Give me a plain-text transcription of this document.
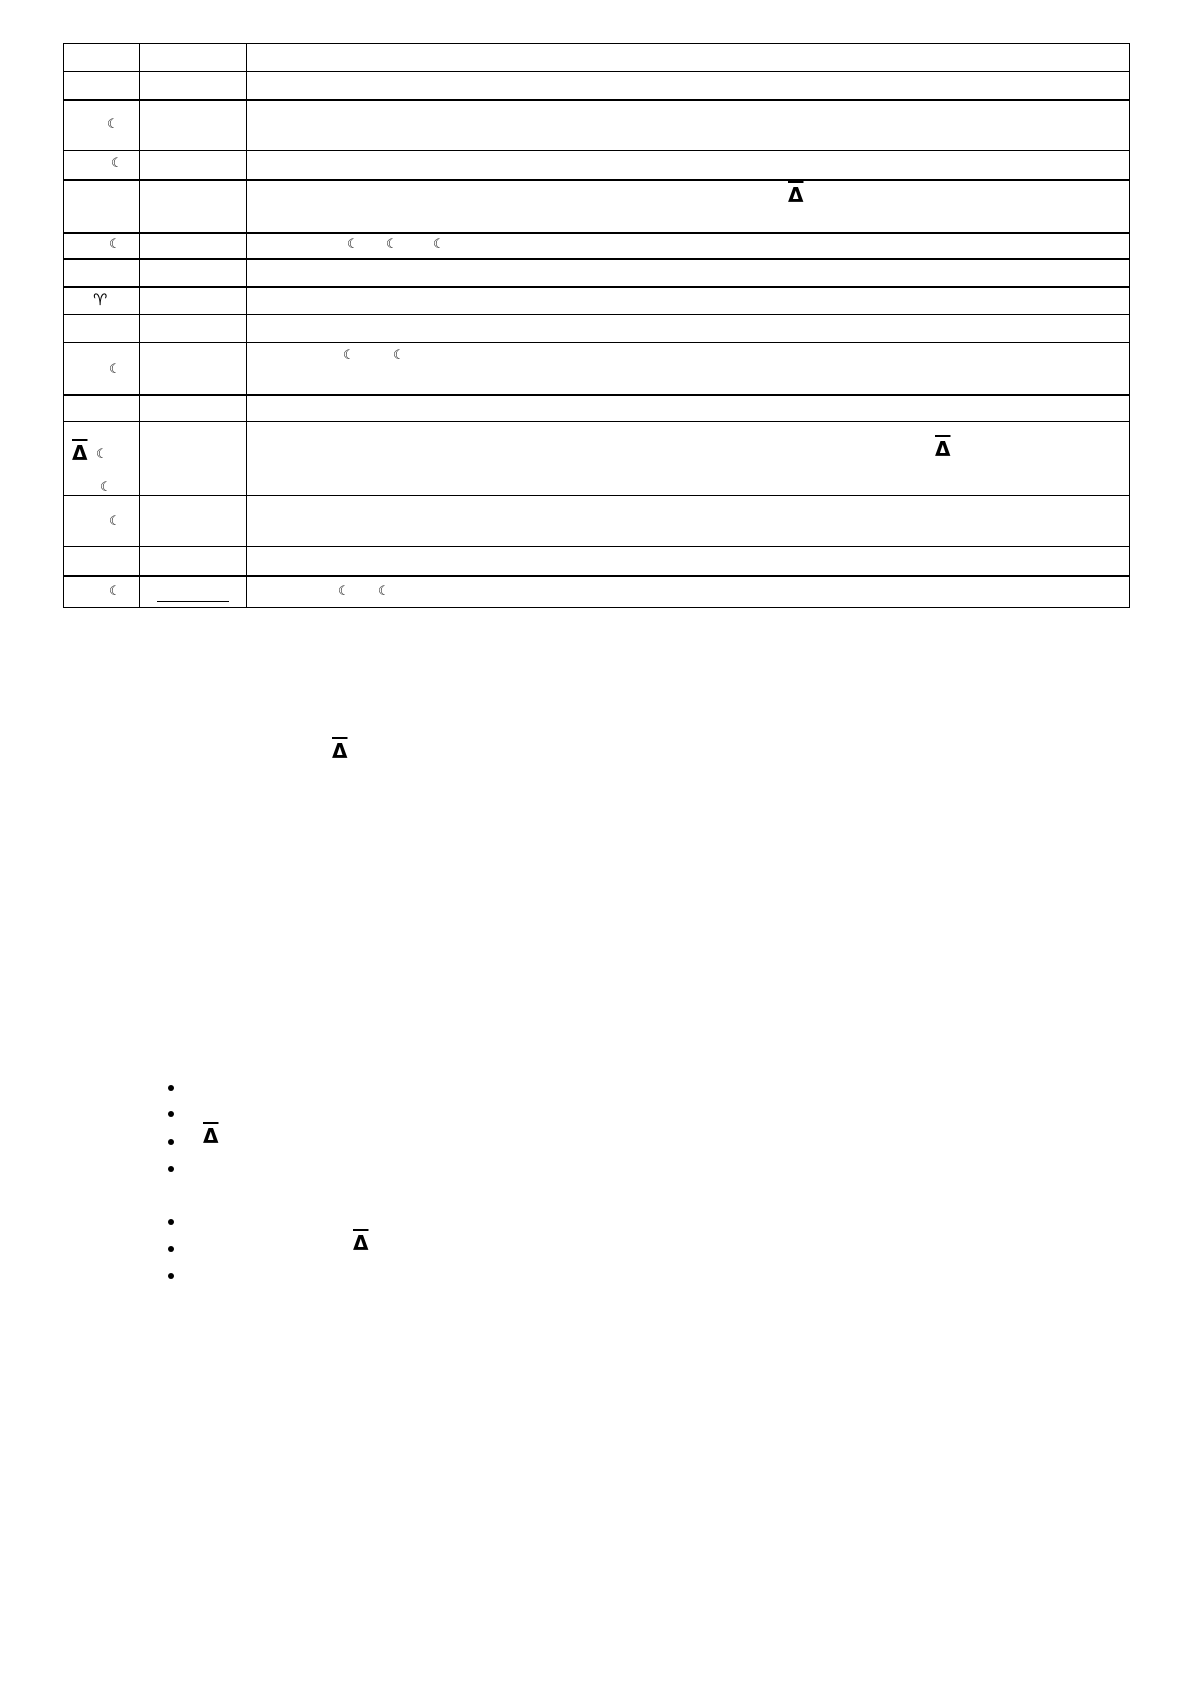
☾
☾
☾
♈
☾
$\overline{\Delta}$ ☾
☾
☾
☾
$\overline{\Delta}$
☾ ☾	☾
☾	☾
$\overline{\Delta}$
☾ ☾
$\overline{\Delta}$
$\overline{\Delta}$
$\overline{\Delta}$
